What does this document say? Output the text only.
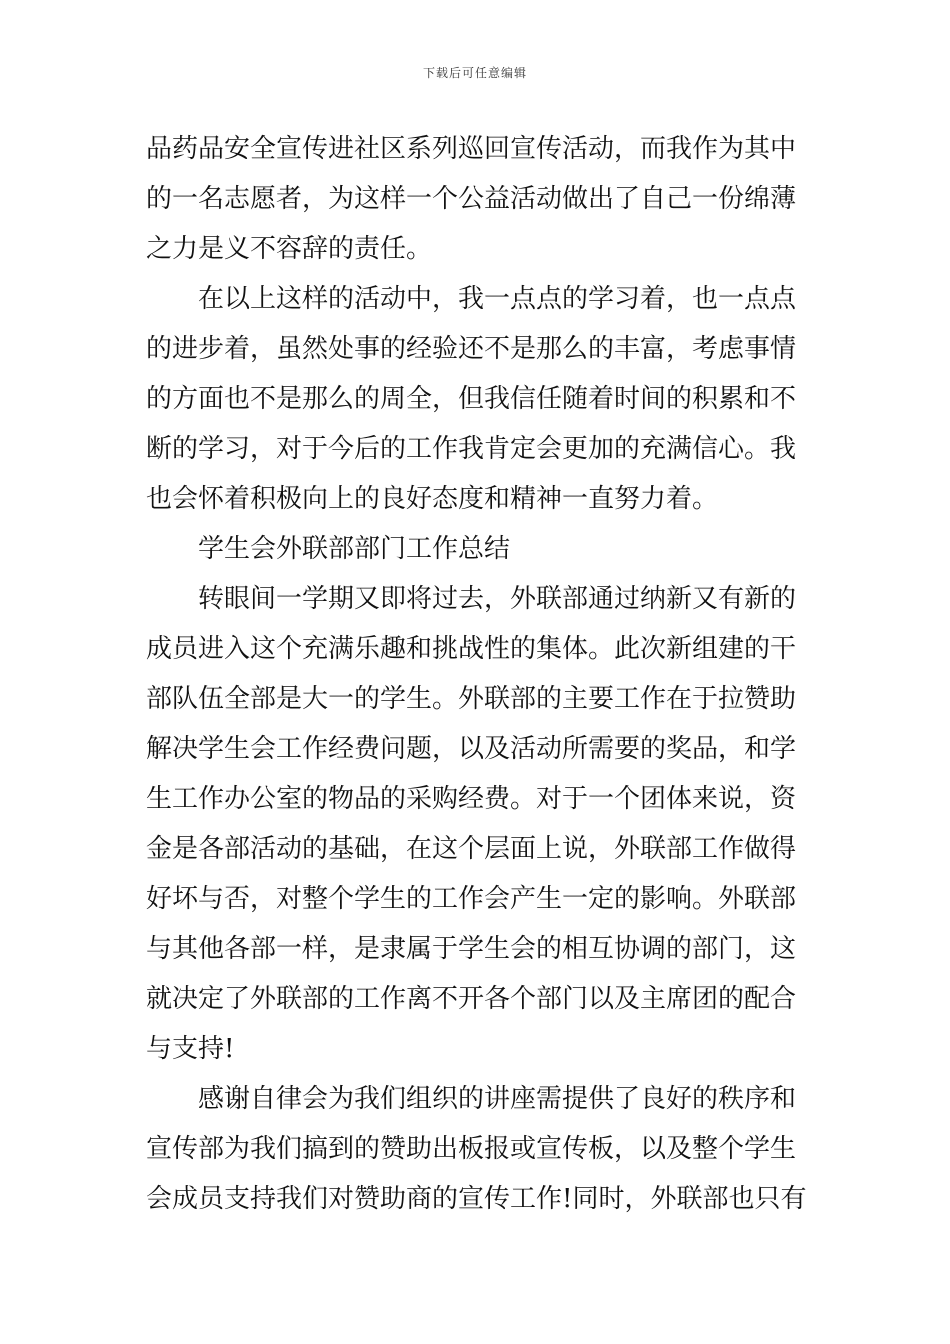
下载后可任意编辑
品药品安全宣传进社区系列巡回宣传活动，而我作为其中
的一名志愿者，为这样一个公益活动做出了自己一份绵薄
之力是义不容辞的责任。
在以上这样的活动中，我一点点的学习着，也一点点
的进步着，虽然处事的经验还不是那么的丰富，考虑事情
的方面也不是那么的周全，但我信任随着时间的积累和不
断的学习，对于今后的工作我肯定会更加的充满信心。我
也会怀着积极向上的良好态度和精神一直努力着。
学生会外联部部门工作总结
转眼间一学期又即将过去，外联部通过纳新又有新的
成员进入这个充满乐趣和挑战性的集体。此次新组建的干
部队伍全部是大一的学生。外联部的主要工作在于拉赞助
解决学生会工作经费问题，以及活动所需要的奖品，和学
生工作办公室的物品的采购经费。对于一个团体来说，资
金是各部活动的基础，在这个层面上说，外联部工作做得
好坏与否，对整个学生的工作会产生一定的影响。外联部
与其他各部一样，是隶属于学生会的相互协调的部门，这
就决定了外联部的工作离不开各个部门以及主席团的配合
与支持!
感谢自律会为我们组织的讲座需提供了良好的秩序和
宣传部为我们搞到的赞助出板报或宣传板，以及整个学生
会成员支持我们对赞助商的宣传工作!同时，外联部也只有
